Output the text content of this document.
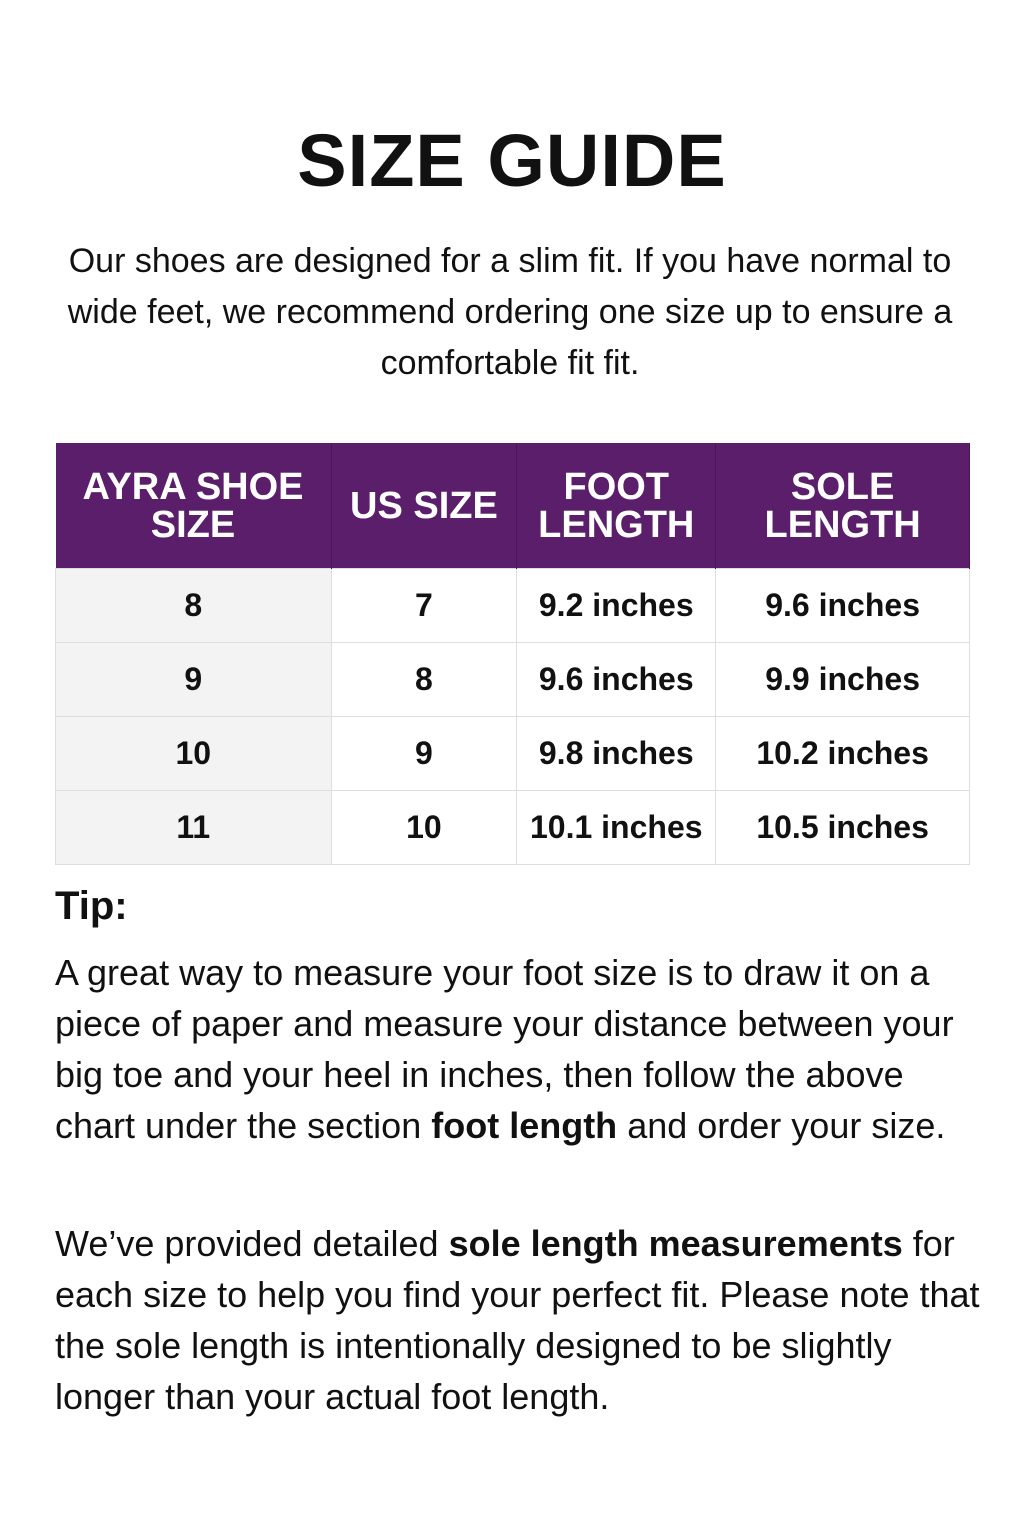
SIZE GUIDE
Our shoes are designed for a slim fit. If you have normal to wide feet, we recommend ordering one size up to ensure a comfortable fit fit.
AYRA SHOE SIZE	US SIZE	FOOT LENGTH	SOLE LENGTH
8	7	9.2 inches	9.6 inches
9	8	9.6 inches	9.9 inches
10	9	9.8 inches	10.2 inches
11	10	10.1 inches	10.5 inches
Tip:
A great way to measure your foot size is to draw it on a piece of paper and measure your distance between your big toe and your heel in inches, then follow the above chart under the section foot length and order your size.
We’ve provided detailed sole length measurements for each size to help you find your perfect fit. Please note that the sole length is intentionally designed to be slightly longer than your actual foot length.
